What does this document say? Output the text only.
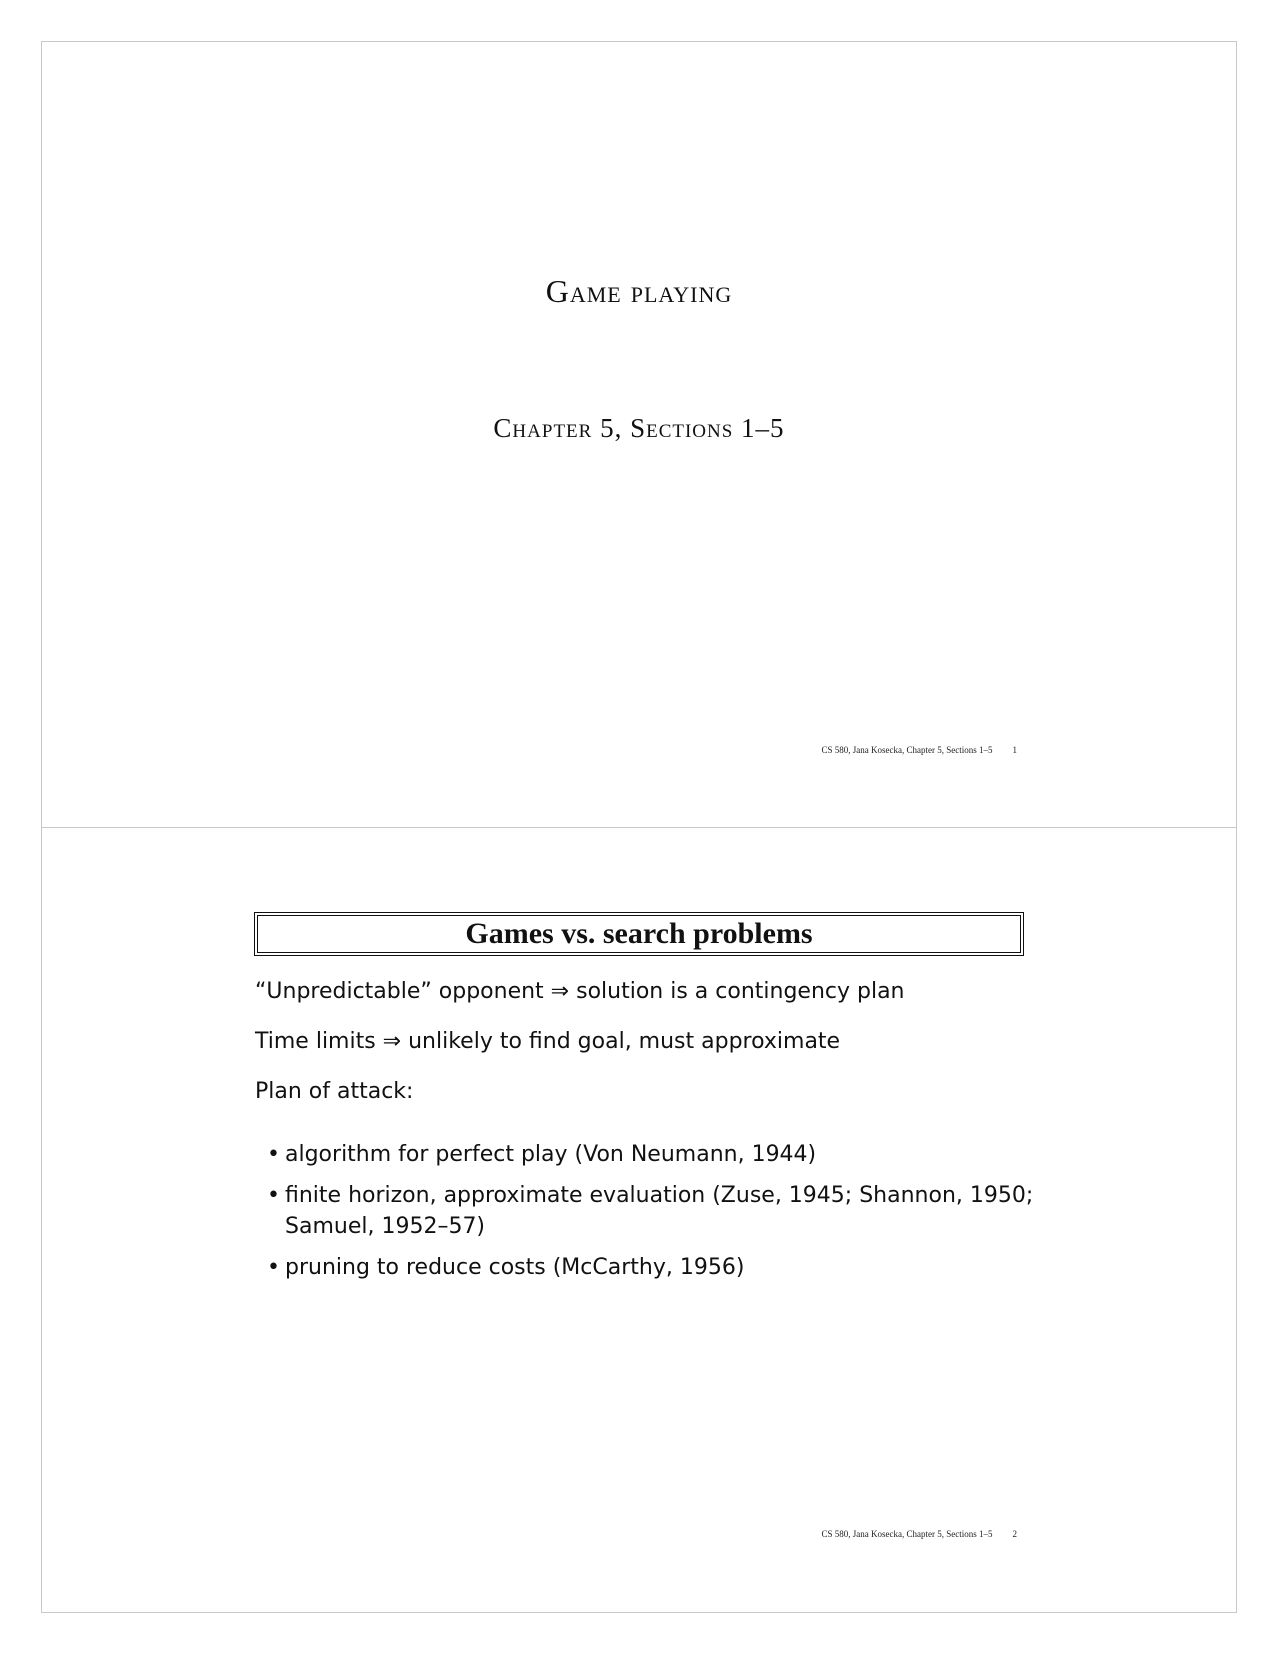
Game playing
Chapter 5, Sections 1–5
CS 580, Jana Kosecka, Chapter 5, Sections 1–5 1
Games vs. search problems
“Unpredictable” opponent ⇒ solution is a contingency plan
Time limits ⇒ unlikely to find goal, must approximate
Plan of attack:
• algorithm for perfect play (Von Neumann, 1944)
• finite horizon, approximate evaluation (Zuse, 1945; Shannon, 1950; Samuel, 1952–57)
• pruning to reduce costs (McCarthy, 1956)
CS 580, Jana Kosecka, Chapter 5, Sections 1–5 2
